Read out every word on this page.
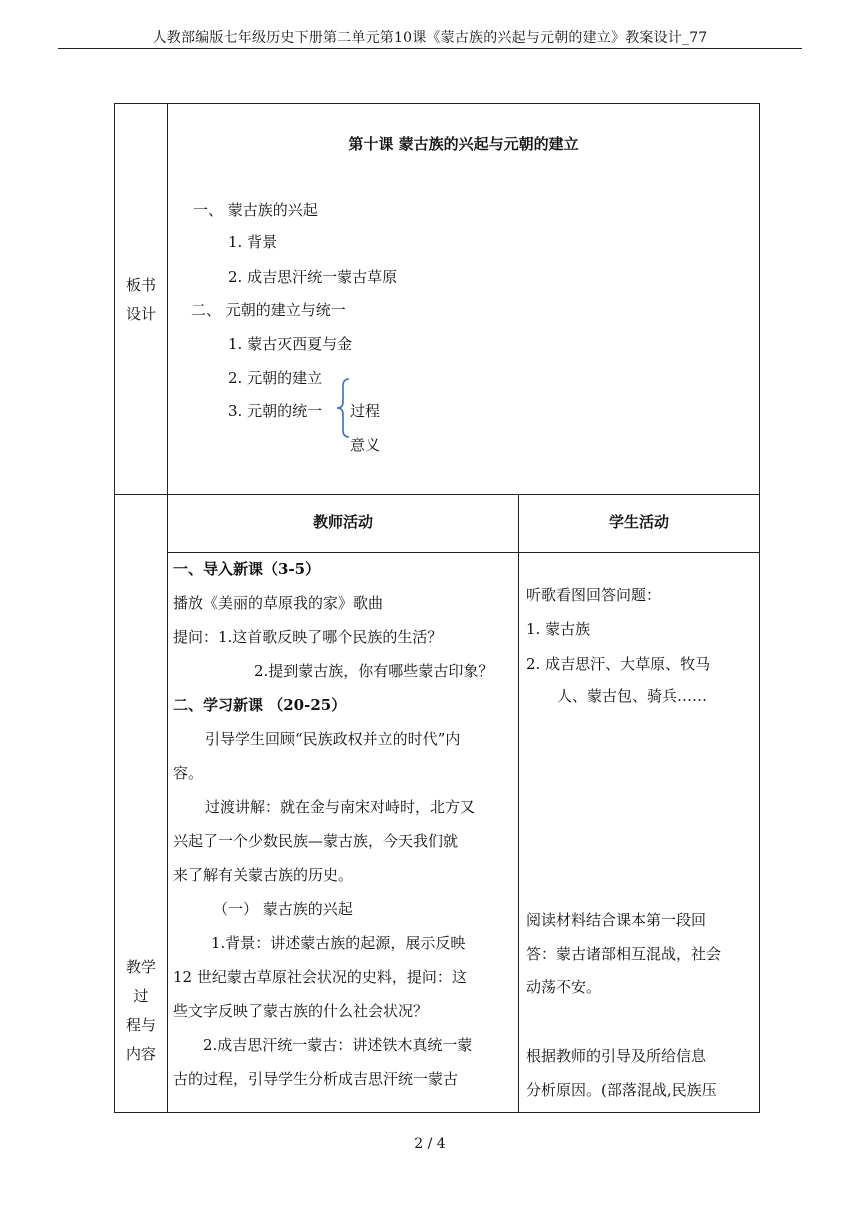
人教部编版七年级历史下册第二单元第10课《蒙古族的兴起与元朝的建立》教案设计_77
板书
设计
第十课 蒙古族的兴起与元朝的建立
一、 蒙古族的兴起
1. 背景
2. 成吉思汗统一蒙古草原
二、 元朝的建立与统一
1. 蒙古灭西夏与金
2. 元朝的建立
3. 元朝的统一 过程
意义
教学
过
程与
内容
教师活动	学生活动
一、导入新课（3-5）
播放《美丽的草原我的家》歌曲
提问：1.这首歌反映了哪个民族的生活？
2.提到蒙古族，你有哪些蒙古印象？
二、学习新课 （20-25）
引导学生回顾“民族政权并立的时代”内
容。
过渡讲解：就在金与南宋对峙时，北方又
兴起了一个少数民族—蒙古族，今天我们就
来了解有关蒙古族的历史。
（一） 蒙古族的兴起
1.背景：讲述蒙古族的起源，展示反映
12 世纪蒙古草原社会状况的史料，提问：这
些文字反映了蒙古族的什么社会状况？
2.成吉思汗统一蒙古：讲述铁木真统一蒙
古的过程，引导学生分析成吉思汗统一蒙古
听歌看图回答问题：
1. 蒙古族
2. 成吉思汗、大草原、牧马
人、蒙古包、骑兵……
阅读材料结合课本第一段回
答：蒙古诸部相互混战，社会
动荡不安。
根据教师的引导及所给信息
分析原因。(部落混战,民族压
2 / 4
